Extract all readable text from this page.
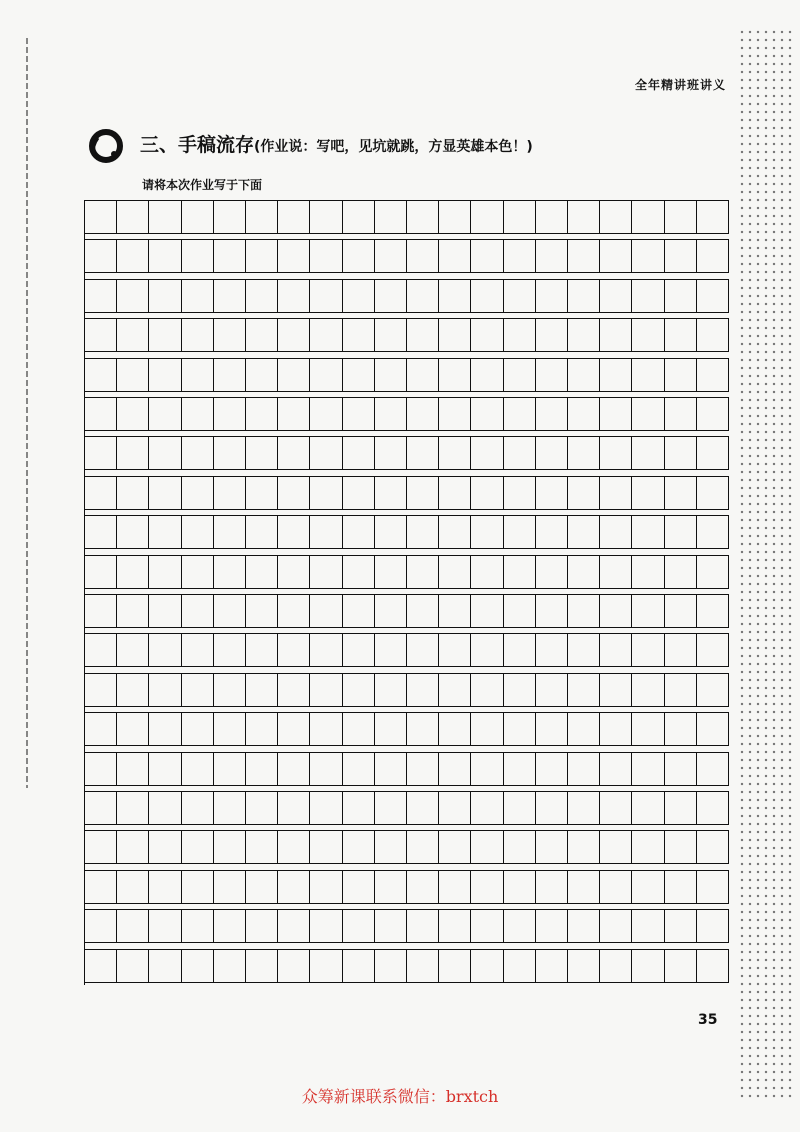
全年精讲班讲义
三、手稿流存(作业说：写吧，见坑就跳，方显英雄本色！)
请将本次作业写于下面
35
众筹新课联系微信：brxtch
